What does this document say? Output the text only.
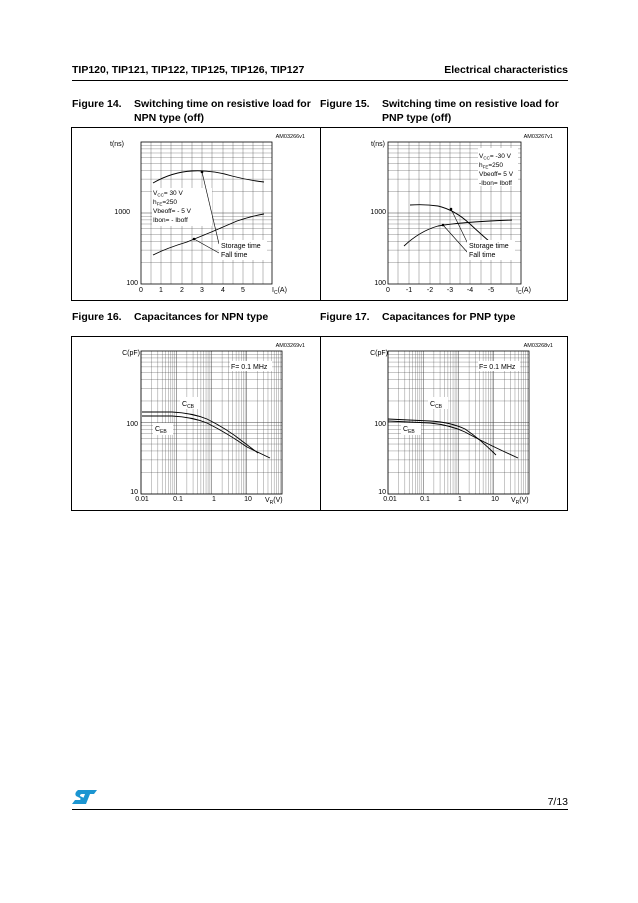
TIP120, TIP121, TIP122, TIP125, TIP126, TIP127	Electrical characteristics
Figure 14. Switching time on resistive load for
NPN type (off)
Figure 15. Switching time on resistive load for
PNP type (off)
AM03266v1
t(ns)
1000
100
0 1 2 3 4 5	$I_C(A)$
$V_{CC}= 30$ V
$h_{FE}=250$
Vbeoff= - 5 V
Ibon= - Iboff
Storage time
Fall time
AM03267v1
t(ns)
1000
100
0 -1 -2 -3 -4 -5	$I_C(A)$
$V_{CC}= -30$ V
$h_{FE}=250$
Vbeoff= 5 V
-Ibon= Iboff
Storage time
Fall time
Figure 16. Capacitances for NPN type	Figure 17. Capacitances for PNP type
AM03269v1
C(pF)
100
10
0.01	0.1	1	10 $V_R(V)$
F= 0.1 MHz
$C_{CB}$
$C_{EB}$
AM03268v1
C(pF)
100
10
0.01	0.1	1	10 $V_R(V)$
F= 0.1 MHz
$C_{CB}$
$C_{EB}$
7/13
